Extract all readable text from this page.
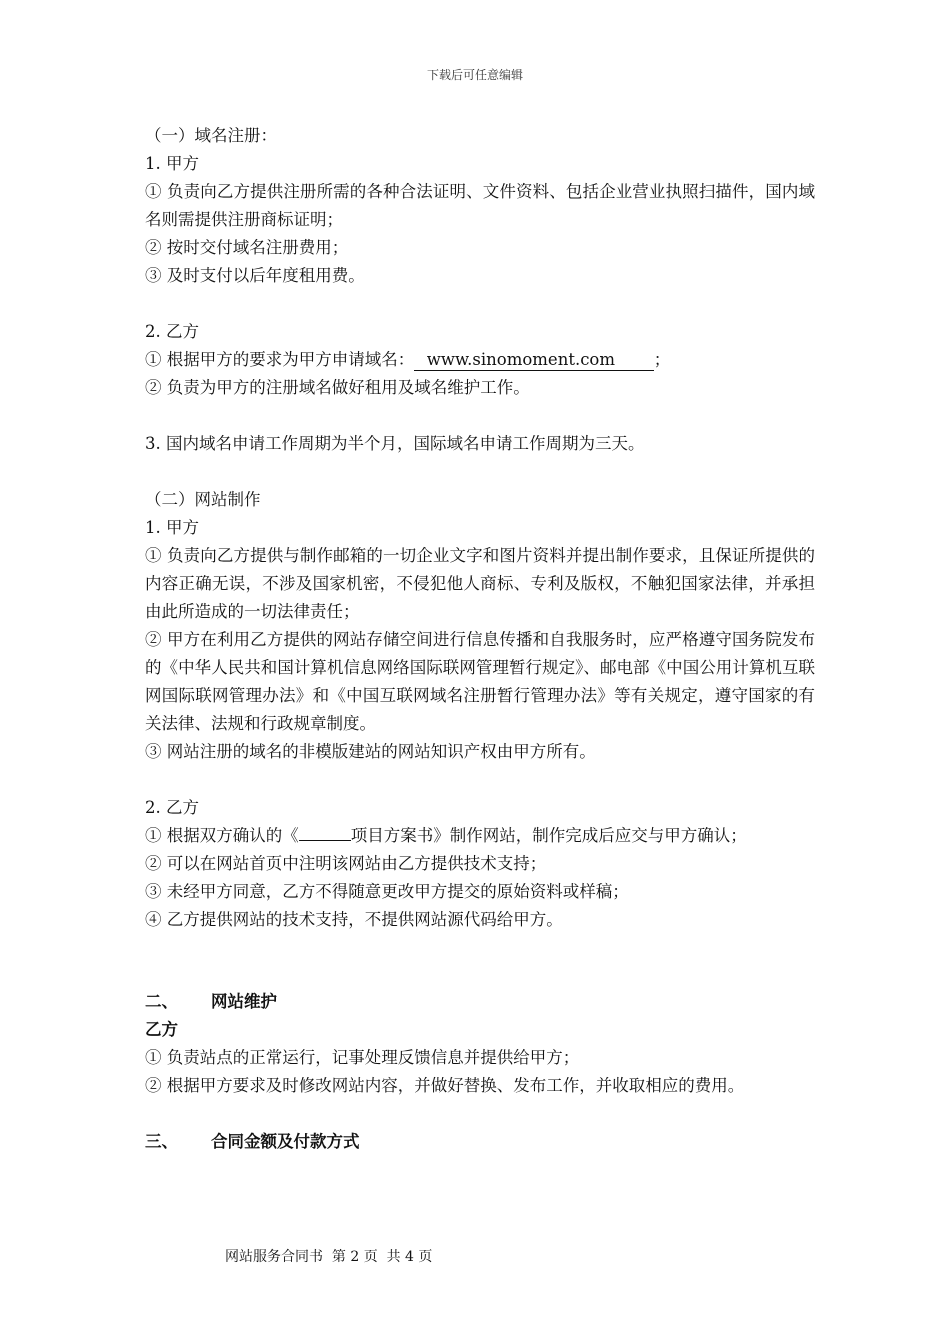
下载后可任意编辑
（一）域名注册：
1. 甲方
① 负责向乙方提供注册所需的各种合法证明、文件资料、包括企业营业执照扫描件，国内域名则需提供注册商标证明；
② 按时交付域名注册费用；
③ 及时支付以后年度租用费。
2. 乙方
① 根据甲方的要求为甲方申请域名：  www.sinomoment.com       ；
② 负责为甲方的注册域名做好租用及域名维护工作。
3. 国内域名申请工作周期为半个月，国际域名申请工作周期为三天。
（二）网站制作
1. 甲方
① 负责向乙方提供与制作邮箱的一切企业文字和图片资料并提出制作要求，且保证所提供的内容正确无误，不涉及国家机密，不侵犯他人商标、专利及版权，不触犯国家法律，并承担由此所造成的一切法律责任；
② 甲方在利用乙方提供的网站存储空间进行信息传播和自我服务时，应严格遵守国务院发布的《中华人民共和国计算机信息网络国际联网管理暂行规定》、邮电部《中国公用计算机互联网国际联网管理办法》和《中国互联网域名注册暂行管理办法》等有关规定，遵守国家的有关法律、法规和行政规章制度。
③ 网站注册的域名的非模版建站的网站知识产权由甲方所有。
2. 乙方
① 根据双方确认的《	项目方案书》制作网站，制作完成后应交与甲方确认；
② 可以在网站首页中注明该网站由乙方提供技术支持；
③ 未经甲方同意，乙方不得随意更改甲方提交的原始资料或样稿；
④ 乙方提供网站的技术支持，不提供网站源代码给甲方。
二、 网站维护
乙方
① 负责站点的正常运行，记事处理反馈信息并提供给甲方；
② 根据甲方要求及时修改网站内容，并做好替换、发布工作，并收取相应的费用。
三、 合同金额及付款方式
网站服务合同书  第 2 页  共 4 页
